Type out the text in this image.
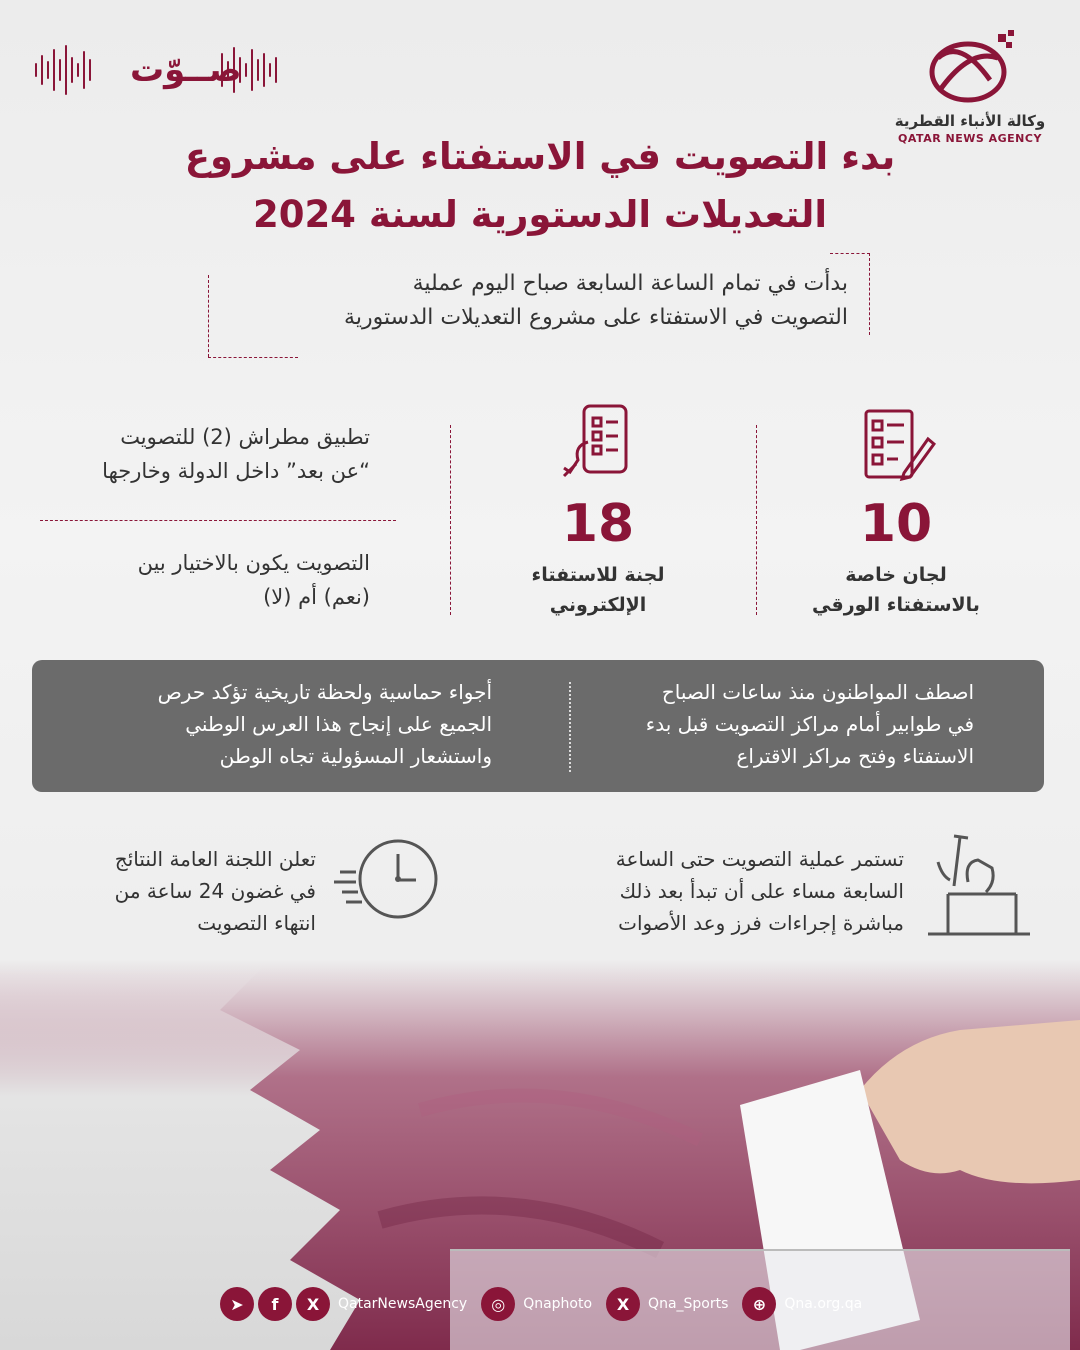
صــوّت
وكالة الأنباء القطرية
QATAR NEWS AGENCY
بدء التصويت في الاستفتاء على مشروع
التعديلات الدستورية لسنة 2024
بدأت في تمام الساعة السابعة صباح اليوم عملية
التصويت في الاستفتاء على مشروع التعديلات الدستورية
10
لجان خاصة
بالاستفتاء الورقي
18
لجنة للاستفتاء
الإلكتروني
تطبيق مطراش (2) للتصويت
“عن بعد” داخل الدولة وخارجها
التصويت يكون بالاختيار بين
(نعم) أم (لا)
اصطف المواطنون منذ ساعات الصباح
في طوابير أمام مراكز التصويت قبل بدء
الاستفتاء وفتح مراكز الاقتراع
أجواء حماسية ولحظة تاريخية تؤكد حرص
الجميع على إنجاح هذا العرس الوطني
واستشعار المسؤولية تجاه الوطن
تستمر عملية التصويت حتى الساعة
السابعة مساء على أن تبدأ بعد ذلك
مباشرة إجراءات فرز وعد الأصوات
تعلن اللجنة العامة النتائج
في غضون 24 ساعة من
انتهاء التصويت
➤	f	X	QatarNewsAgency	◎	Qnaphoto	X	Qna_Sports	⊕	Qna.org.qa
